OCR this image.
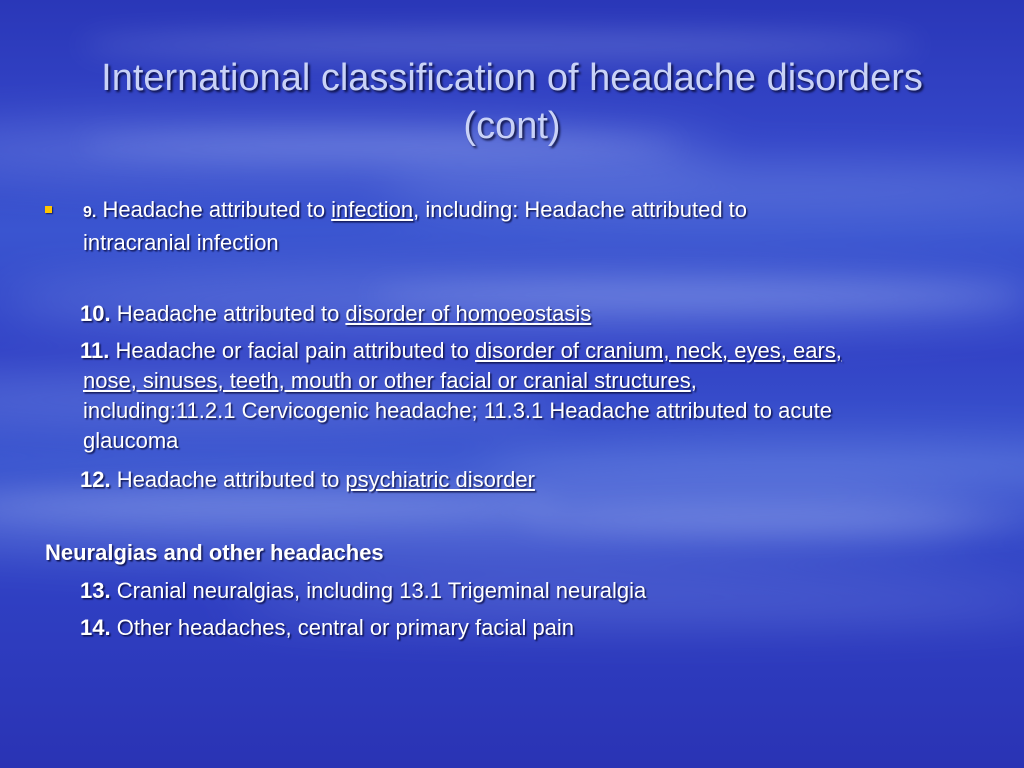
International classification of headache disorders
(cont)
9. Headache attributed to infection, including: Headache attributed to
intracranial infection
10. Headache attributed to disorder of homoeostasis
11. Headache or facial pain attributed to disorder of cranium, neck, eyes, ears,
nose, sinuses, teeth, mouth or other facial or cranial structures,
including:11.2.1 Cervicogenic headache; 11.3.1 Headache attributed to acute
glaucoma
12. Headache attributed to psychiatric disorder
Neuralgias and other headaches
13. Cranial neuralgias, including 13.1 Trigeminal neuralgia
14. Other headaches, central or primary facial pain
